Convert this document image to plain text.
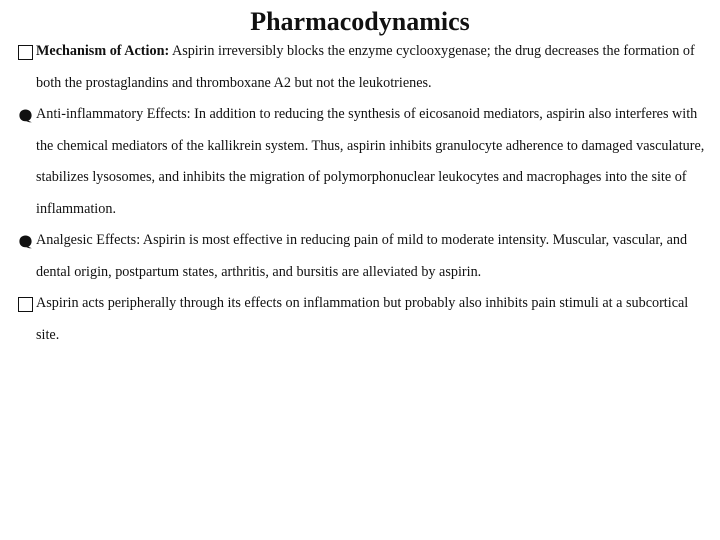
Pharmacodynamics
Mechanism of Action: Aspirin irreversibly blocks the enzyme cyclooxygenase; the drug decreases the formation of both the prostaglandins and thromboxane A2 but not the leukotrienes.
Anti-inflammatory Effects: In addition to reducing the synthesis of eicosanoid mediators, aspirin also interferes with the chemical mediators of the kallikrein system. Thus, aspirin inhibits granulocyte adherence to damaged vasculature, stabilizes lysosomes, and inhibits the migration of polymorphonuclear leukocytes and macrophages into the site of inflammation.
Analgesic Effects: Aspirin is most effective in reducing pain of mild to moderate intensity. Muscular, vascular, and dental origin, postpartum states, arthritis, and bursitis are alleviated by aspirin.
Aspirin acts peripherally through its effects on inflammation but probably also inhibits pain stimuli at a subcortical site.
